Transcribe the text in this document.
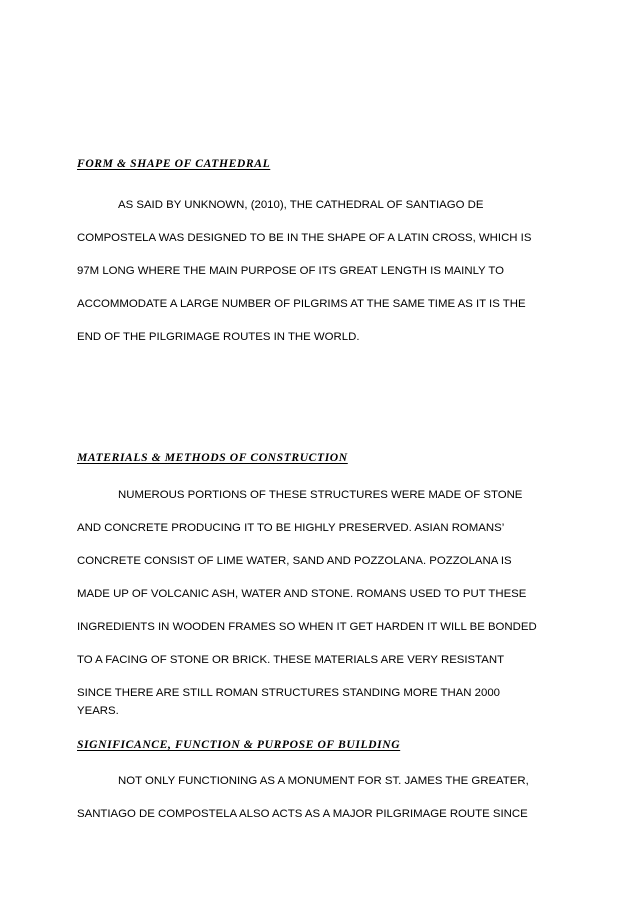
FORM & SHAPE OF CATHEDRAL
AS SAID BY UNKNOWN, (2010), THE CATHEDRAL OF SANTIAGO DE
COMPOSTELA WAS DESIGNED TO BE IN THE SHAPE OF A LATIN CROSS, WHICH IS
97M LONG WHERE THE MAIN PURPOSE OF ITS GREAT LENGTH IS MAINLY TO
ACCOMMODATE A LARGE NUMBER OF PILGRIMS AT THE SAME TIME AS IT IS THE
END OF THE PILGRIMAGE ROUTES IN THE WORLD.
MATERIALS & METHODS OF CONSTRUCTION
NUMEROUS PORTIONS OF THESE STRUCTURES WERE MADE OF STONE
AND CONCRETE PRODUCING IT TO BE HIGHLY PRESERVED. ASIAN ROMANS’
CONCRETE CONSIST OF LIME WATER, SAND AND POZZOLANA. POZZOLANA IS
MADE UP OF VOLCANIC ASH, WATER AND STONE. ROMANS USED TO PUT THESE
INGREDIENTS IN WOODEN FRAMES SO WHEN IT GET HARDEN IT WILL BE BONDED
TO A FACING OF STONE OR BRICK. THESE MATERIALS ARE VERY RESISTANT
SINCE THERE ARE STILL ROMAN STRUCTURES STANDING MORE THAN 2000
YEARS.
SIGNIFICANCE, FUNCTION & PURPOSE OF BUILDING
NOT ONLY FUNCTIONING AS A MONUMENT FOR ST. JAMES THE GREATER,
SANTIAGO DE COMPOSTELA ALSO ACTS AS A MAJOR PILGRIMAGE ROUTE SINCE
